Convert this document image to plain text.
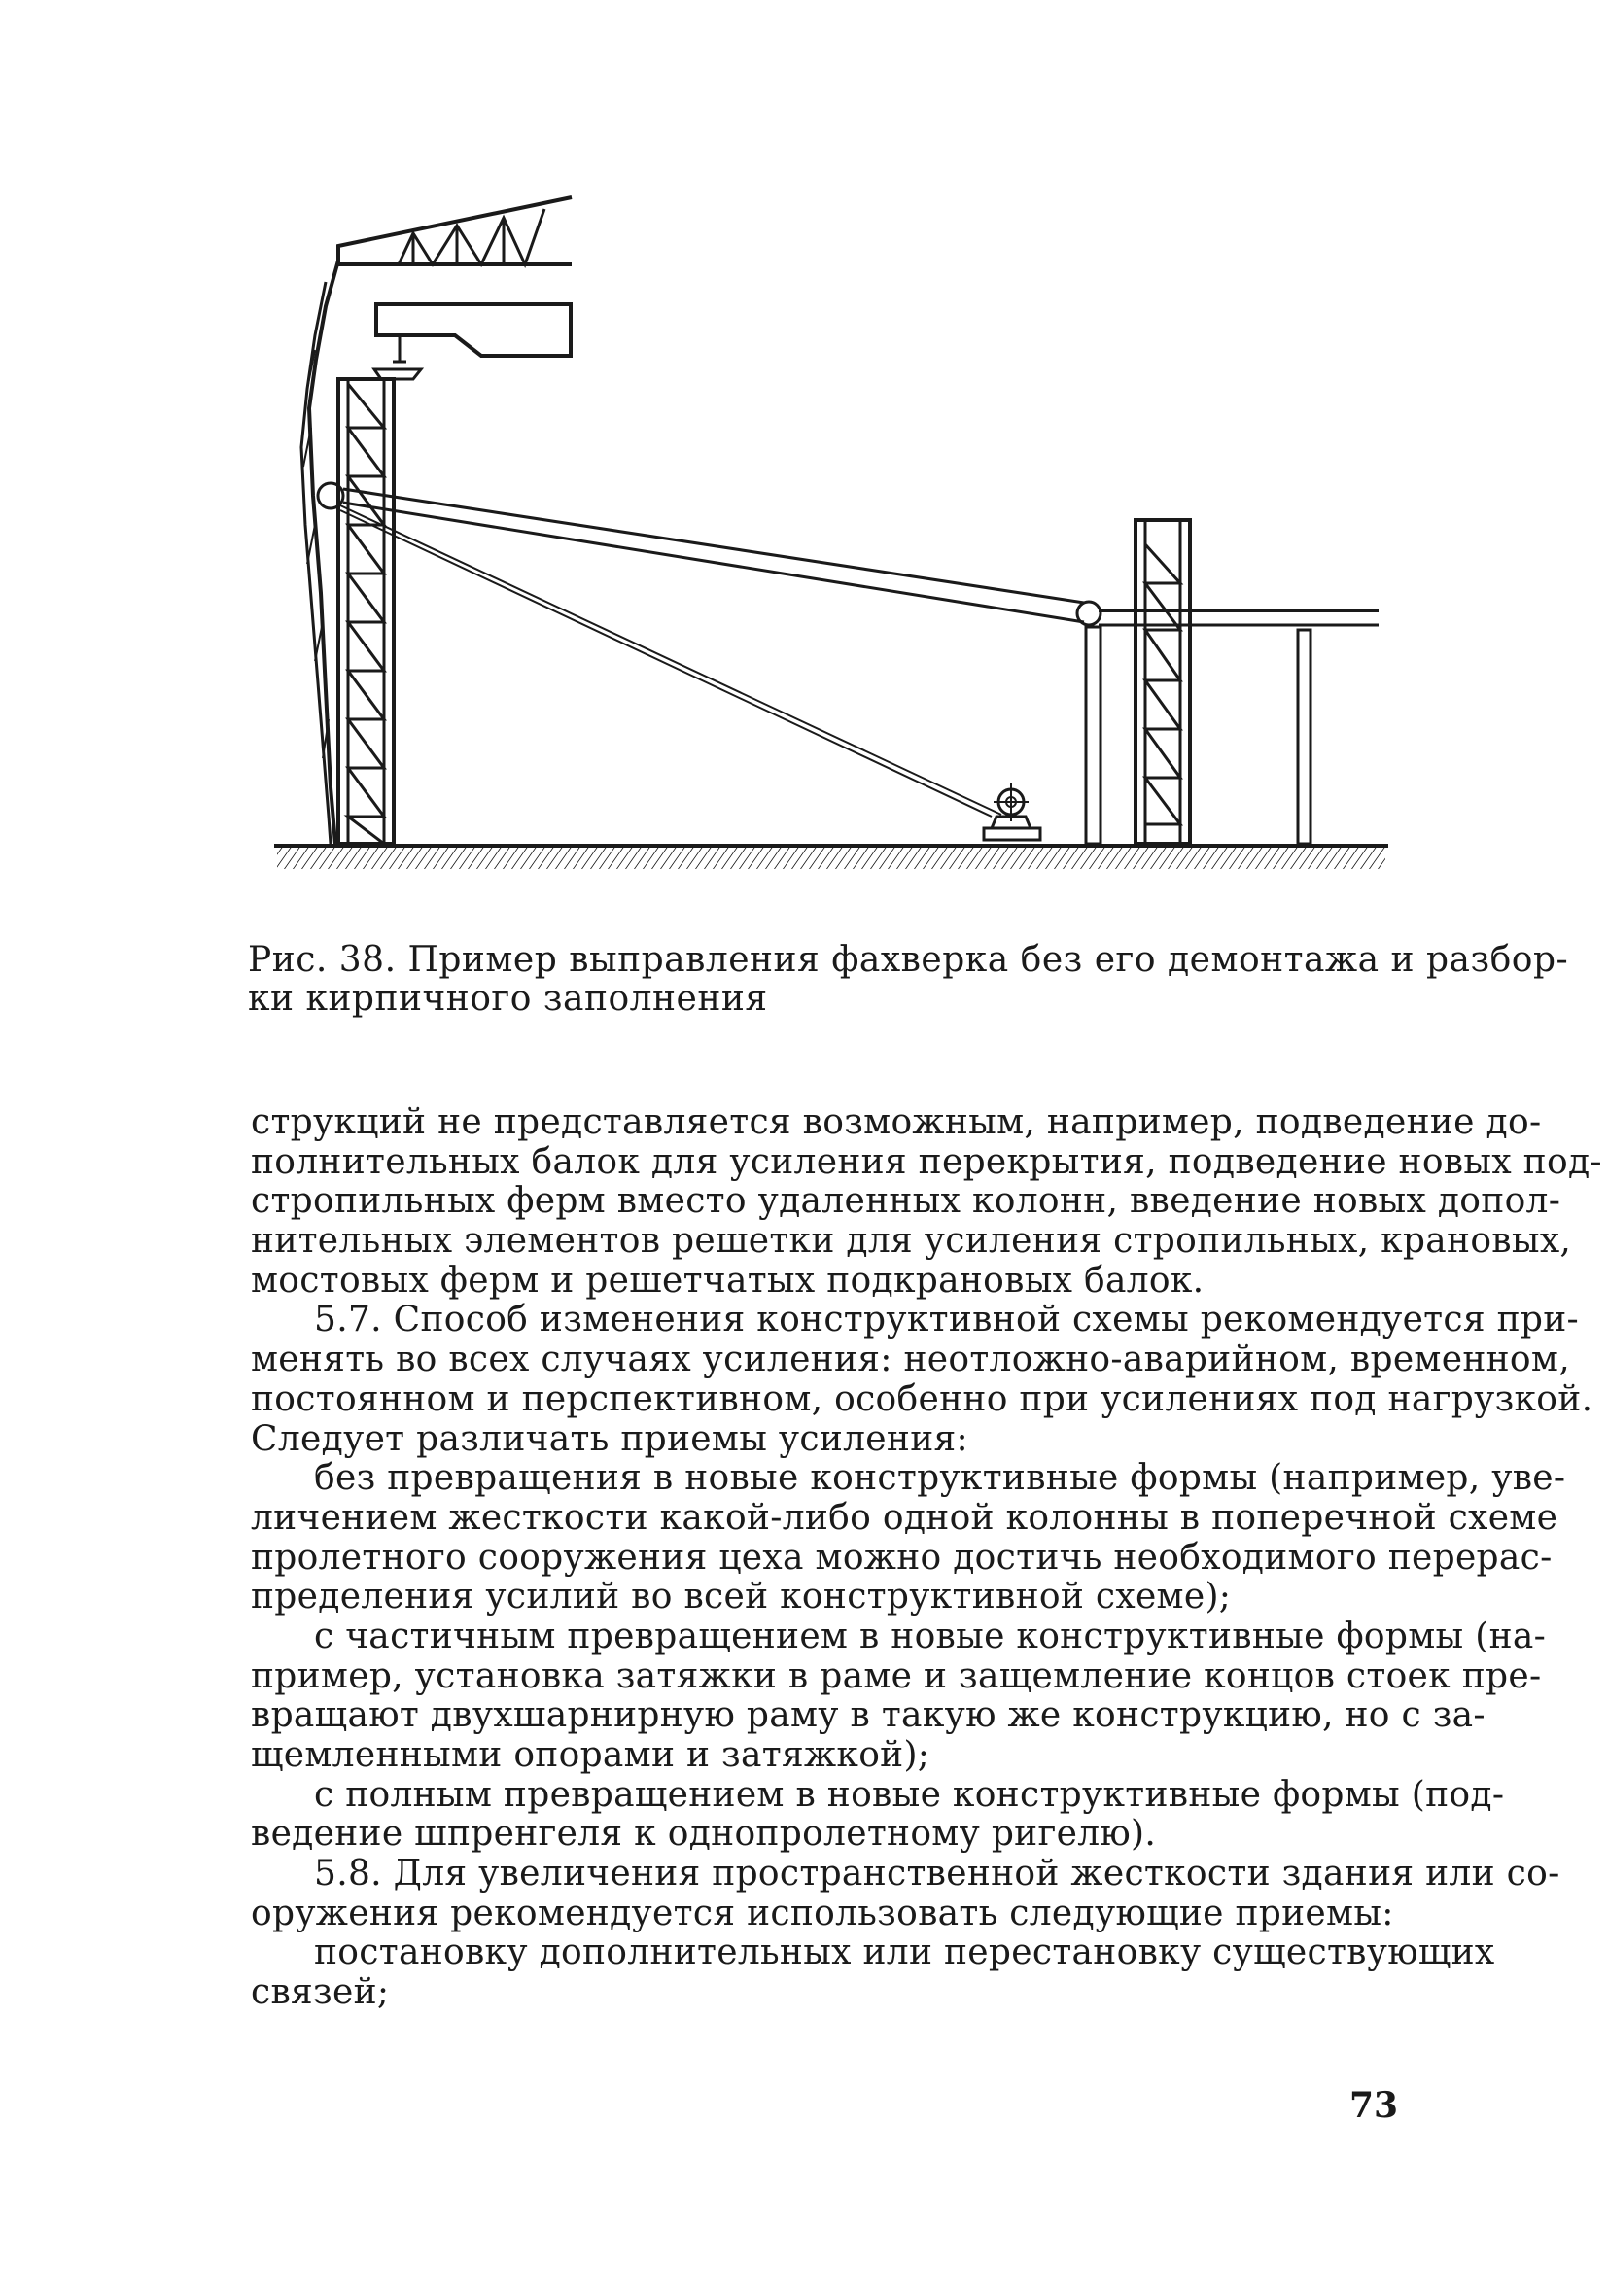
Рис. 38. Пример выправления фахверка без его демонтажа и разбор-
ки кирпичного заполнения
струкций не представляется возможным, например, подведение до-
полнительных балок для усиления перекрытия, подведение новых под-
стропильных ферм вместо удаленных колонн, введение новых допол-
нительных элементов решетки для усиления стропильных, крановых,
мостовых ферм и решетчатых подкрановых балок.
5.7. Способ изменения конструктивной схемы рекомендуется при-
менять во всех случаях усиления: неотложно-аварийном, временном,
постоянном и перспективном, особенно при усилениях под нагрузкой.
Следует различать приемы усиления:
без превращения в новые конструктивные формы (например, уве-
личением жесткости какой-либо одной колонны в поперечной схеме
пролетного сооружения цеха можно достичь необходимого перерас-
пределения усилий во всей конструктивной схеме);
с частичным превращением в новые конструктивные формы (на-
пример, установка затяжки в раме и защемление концов стоек пре-
вращают двухшарнирную раму в такую же конструкцию, но с за-
щемленными опорами и затяжкой);
с полным превращением в новые конструктивные формы (под-
ведение шпренгеля к однопролетному ригелю).
5.8. Для увеличения пространственной жесткости здания или со-
оружения рекомендуется использовать следующие приемы:
постановку дополнительных или перестановку существующих
связей;
73
